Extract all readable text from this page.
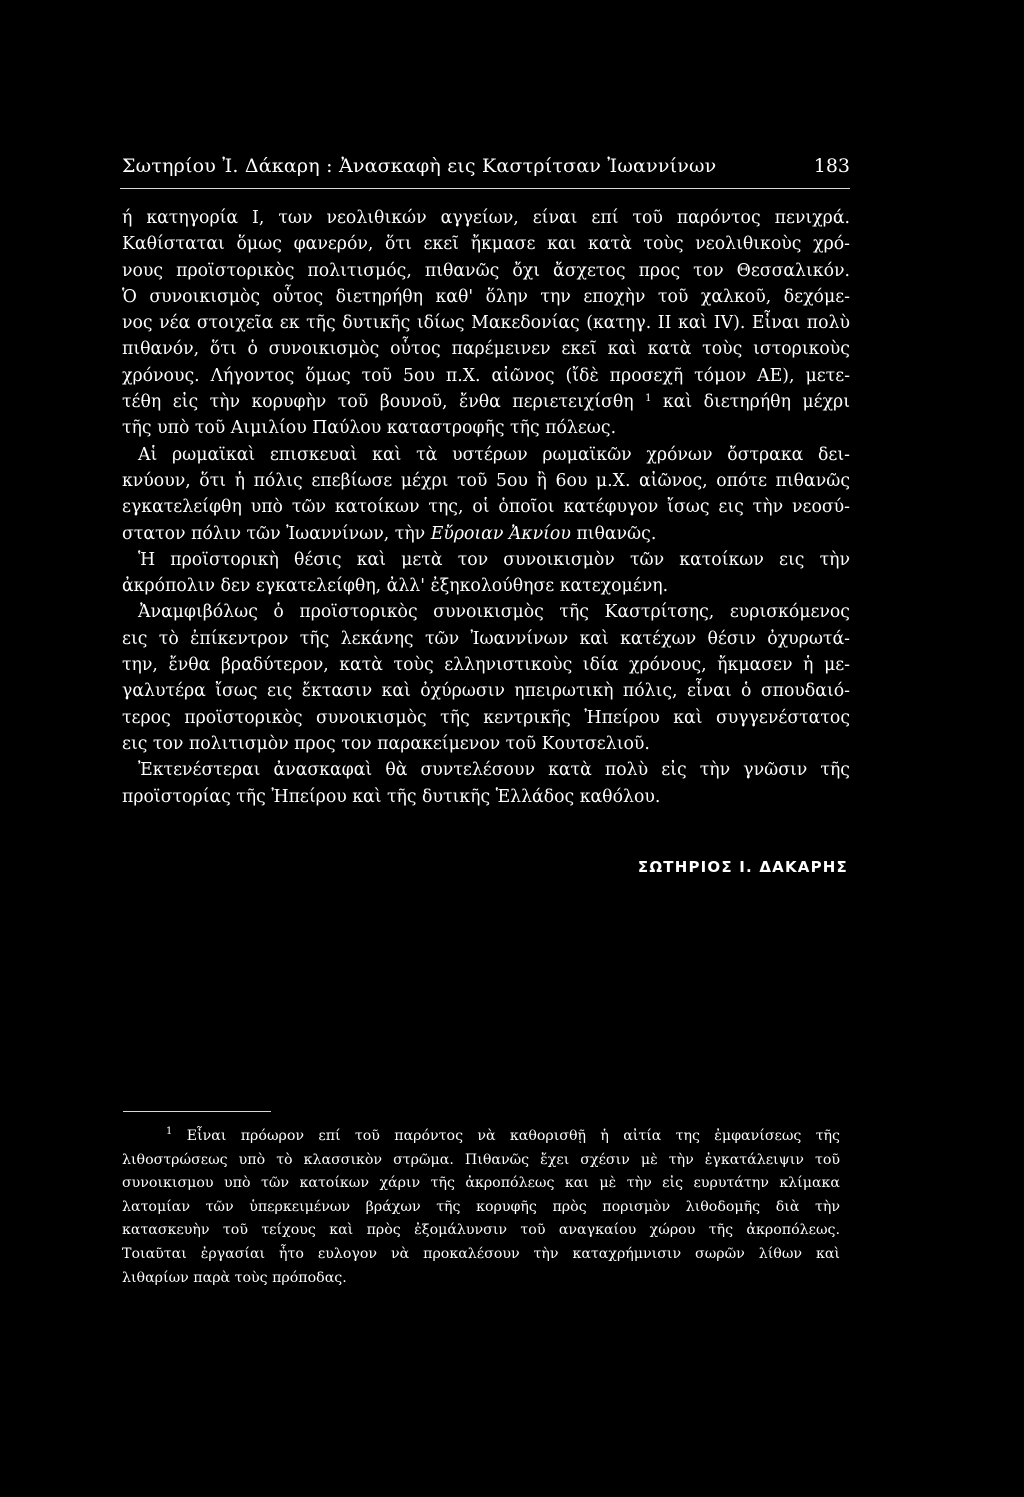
Σωτηρίου Ἰ. Δάκαρη : Ἀνασκαφὴ εις Καστρίτσαν Ἰωαννίνων	183
ή κατηγορία I, των νεολιθικών αγγείων, είναι επί τοῦ παρόντος πενιχρά.
Καθίσταται ὅμως φανερόν, ὅτι εκεῖ ἤκμασε και κατὰ τοὺς νεολιθικοὺς χρό-
νους προϊστορικὸς πολιτισμός, πιθανῶς ὄχι ἄσχετος προς τον Θεσσαλικόν.
Ὁ συνοικισμὸς οὗτος διετηρήθη καθ' ὅλην την εποχὴν τοῦ χαλκοῦ, δεχόμε-
νος νέα στοιχεῖα εκ τῆς δυτικῆς ιδίως Μακεδονίας (κατηγ. II καὶ IV). Εἶναι πολὺ
πιθανόν, ὅτι ὁ συνοικισμὸς οὗτος παρέμεινεν εκεῖ καὶ κατὰ τοὺς ιστορικοὺς
χρόνους. Λήγοντος ὅμως τοῦ 5ου π.Χ. αἰῶνος (ἴδὲ προσεχῆ τόμον ΑΕ), μετε-
τέθη εἰς τὴν κορυφὴν τοῦ βουνοῦ, ἔνθα περιετειχίσθη $^1$ καὶ διετηρήθη μέχρι
τῆς υπὸ τοῦ Αιμιλίου Παύλου καταστροφῆς τῆς πόλεως.
Αἱ ρωμαϊκαὶ επισκευαὶ καὶ τὰ υστέρων ρωμαϊκῶν χρόνων ὄστρακα δει-
κνύουν, ὅτι ἡ πόλις επεβίωσε μέχρι τοῦ 5ου ἢ 6ου μ.Χ. αἰῶνος, οπότε πιθανῶς
εγκατελείφθη υπὸ τῶν κατοίκων της, οἱ ὁποῖοι κατέφυγον ἴσως εις τὴν νεοσύ-
στατον πόλιν τῶν Ἰωαννίνων, τὴν Εὔροιαν Ἀκνίου πιθανῶς.
Ἡ προϊστορικὴ θέσις καὶ μετὰ τον συνοικισμὸν τῶν κατοίκων εις τὴν
ἀκρόπολιν δεν εγκατελείφθη, ἀλλ' ἐξηκολούθησε κατεχομένη.
Ἀναμφιβόλως ὁ προϊστορικὸς συνοικισμὸς τῆς Καστρίτσης, ευρισκόμενος
εις τὸ ἐπίκεντρον τῆς λεκάνης τῶν Ἰωαννίνων καὶ κατέχων θέσιν ὀχυρωτά-
την, ἔνθα βραδύτερον, κατὰ τοὺς ελληνιστικοὺς ιδία χρόνους, ἤκμασεν ἡ με-
γαλυτέρα ἴσως εις ἔκτασιν καὶ ὀχύρωσιν ηπειρωτικὴ πόλις, εἶναι ὁ σπουδαιό-
τερος προϊστορικὸς συνοικισμὸς τῆς κεντρικῆς Ἠπείρου καὶ συγγενέστατος
εις τον πολιτισμὸν προς τον παρακείμενον τοῦ Κουτσελιοῦ.
Ἐκτενέστεραι ἀνασκαφαὶ θὰ συντελέσουν κατὰ πολὺ εἰς τὴν γνῶσιν τῆς
προϊστορίας τῆς Ἠπείρου καὶ τῆς δυτικῆς Ἑλλάδος καθόλου.
ΣΩΤΗΡΙΟΣ Ι. ΔΑΚΑΡΗΣ
$^1$ Εἶναι πρόωρον επί τοῦ παρόντος νὰ καθορισθῇ ἡ αἰτία της ἐμφανίσεως τῆς
λιθοστρώσεως υπὸ τὸ κλασσικὸν στρῶμα. Πιθανῶς ἔχει σχέσιν μὲ τὴν ἐγκατάλειψιν τοῦ
συνοικισμου υπὸ τῶν κατοίκων χάριν τῆς ἀκροπόλεως και μὲ τὴν εἰς ευρυτάτην κλίμακα
λατομίαν τῶν ὑπερκειμένων βράχων τῆς κορυφῆς πρὸς πορισμὸν λιθοδομῆς διὰ τὴν
κατασκευὴν τοῦ τείχους καὶ πρὸς ἐξομάλυνσιν τοῦ αναγκαίου χώρου τῆς ἀκροπόλεως.
Τοιαῦται ἐργασίαι ἦτο ευλογον νὰ προκαλέσουν τὴν καταχρήμνισιν σωρῶν λίθων καὶ
λιθαρίων παρὰ τοὺς πρόποδας.
